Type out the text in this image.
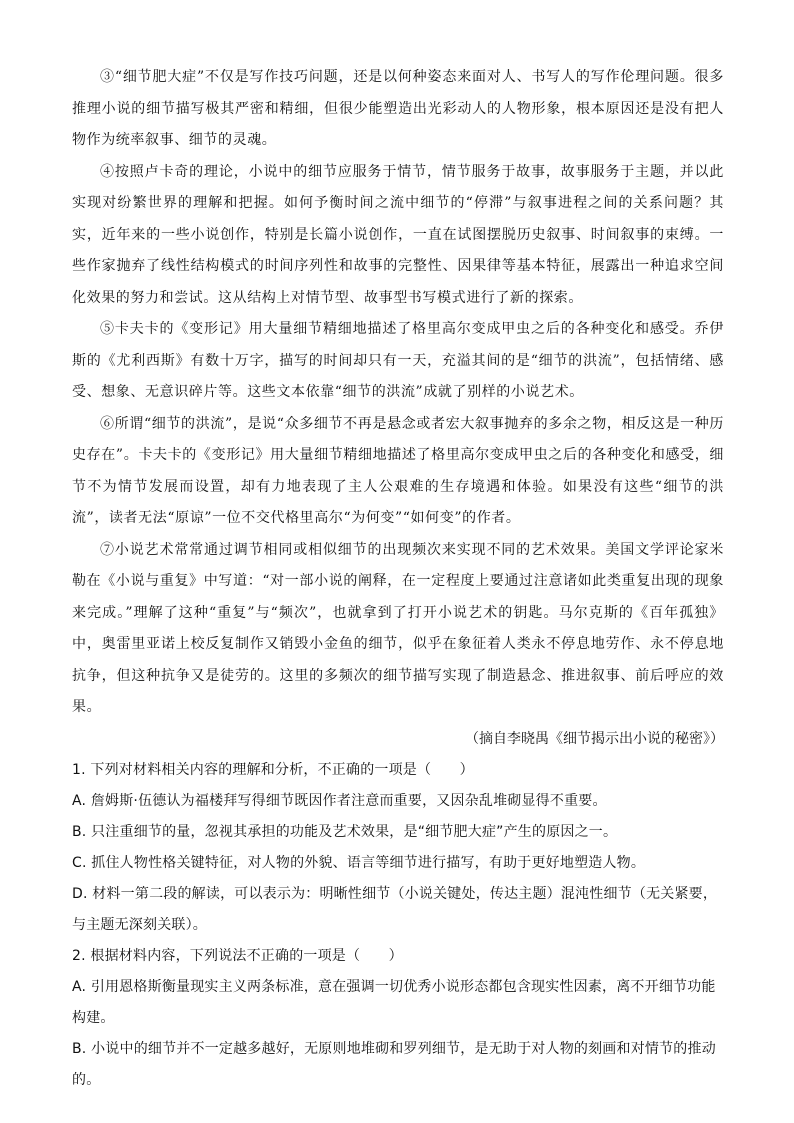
③“细节肥大症”不仅是写作技巧问题，还是以何种姿态来面对人、书写人的写作伦理问题。很多推理小说的细节描写极其严密和精细，但很少能塑造出光彩动人的人物形象，根本原因还是没有把人物作为统率叙事、细节的灵魂。

④按照卢卡奇的理论，小说中的细节应服务于情节，情节服务于故事，故事服务于主题，并以此实现对纷繁世界的理解和把握。如何予衡时间之流中细节的“停滞”与叙事进程之间的关系问题？其实，近年来的一些小说创作，特别是长篇小说创作，一直在试图摆脱历史叙事、时间叙事的束缚。一些作家抛弃了线性结构模式的时间序列性和故事的完整性、因果律等基本特征，展露出一种追求空间化效果的努力和尝试。这从结构上对情节型、故事型书写模式进行了新的探索。

⑤卡夫卡的《变形记》用大量细节精细地描述了格里高尔变成甲虫之后的各种变化和感受。乔伊斯的《尤利西斯》有数十万字，描写的时间却只有一天，充溢其间的是“细节的洪流”，包括情绪、感受、想象、无意识碎片等。这些文本依靠“细节的洪流”成就了别样的小说艺术。

⑥所谓“细节的洪流”，是说“众多细节不再是悬念或者宏大叙事抛弃的多余之物，相反这是一种历史存在”。卡夫卡的《变形记》用大量细节精细地描述了格里高尔变成甲虫之后的各种变化和感受，细节不为情节发展而设置，却有力地表现了主人公艰难的生存境遇和体验。如果没有这些“细节的洪流”，读者无法“原谅”一位不交代格里高尔“为何变”“如何变”的作者。

⑦小说艺术常常通过调节相同或相似细节的出现频次来实现不同的艺术效果。美国文学评论家米勒在《小说与重复》中写道：“对一部小说的阐释，在一定程度上要通过注意诸如此类重复出现的现象来完成。”理解了这种“重复”与“频次”，也就拿到了打开小说艺术的钥匙。马尔克斯的《百年孤独》中，奥雷里亚诺上校反复制作又销毁小金鱼的细节，似乎在象征着人类永不停息地劳作、永不停息地抗争，但这种抗争又是徒劳的。这里的多频次的细节描写实现了制造悬念、推进叙事、前后呼应的效果。

（摘自李晓禺《细节揭示出小说的秘密》）

1. 下列对材料相关内容的理解和分析，不正确的一项是（　　）

A. 詹姆斯·伍德认为福楼拜写得细节既因作者注意而重要，又因杂乱堆砌显得不重要。

B. 只注重细节的量，忽视其承担的功能及艺术效果，是“细节肥大症”产生的原因之一。

C. 抓住人物性格关键特征，对人物的外貌、语言等细节进行描写，有助于更好地塑造人物。

D. 材料一第二段的解读，可以表示为：明晰性细节（小说关键处，传达主题）混沌性细节（无关紧要，与主题无深刻关联）。

2. 根据材料内容，下列说法不正确的一项是（　　）

A. 引用恩格斯衡量现实主义两条标准，意在强调一切优秀小说形态都包含现实性因素，离不开细节功能构建。

B. 小说中的细节并不一定越多越好，无原则地堆砌和罗列细节，是无助于对人物的刻画和对情节的推动的。
